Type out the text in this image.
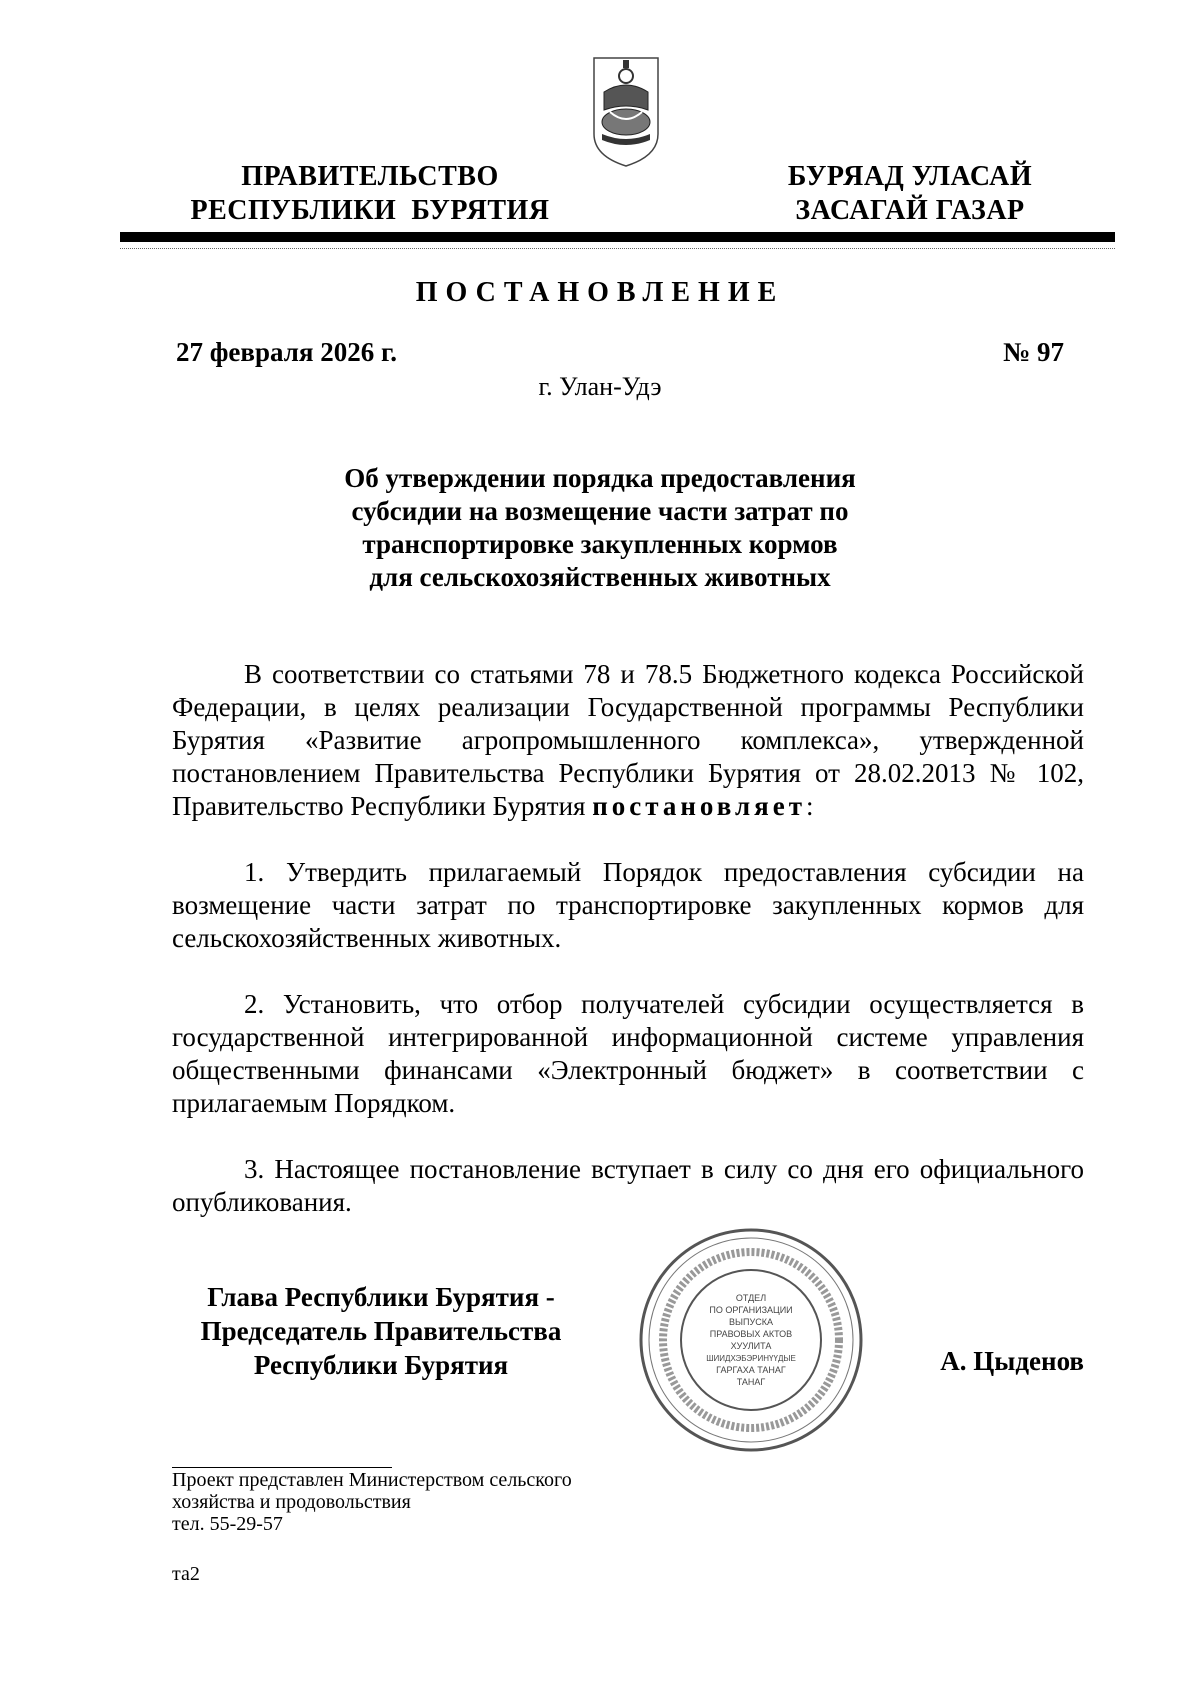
ПРАВИТЕЛЬСТВО
РЕСПУБЛИКИ  БУРЯТИЯ
БУРЯАД УЛАСАЙ
ЗАСАГАЙ ГАЗАР
ПОСТАНОВЛЕНИЕ
27 февраля 2026 г.	№ 97
г. Улан-Удэ
Об утверждении порядка предоставления
субсидии на возмещение части затрат по
транспортировке закупленных кормов
для сельскохозяйственных животных

В соответствии со статьями 78 и 78.5 Бюджетного кодекса Российской Федерации, в целях реализации Государственной программы Республики Бурятия «Развитие агропромышленного комплекса», утвержденной постановлением Правительства Республики Бурятия от 28.02.2013 № 102, Правительство Республики Бурятия постановляет:

1. Утвердить прилагаемый Порядок предоставления субсидии на возмещение части затрат по транспортировке закупленных кормов для сельскохозяйственных животных.

2. Установить, что отбор получателей субсидии осуществляется в государственной интегрированной информационной системе управления общественными финансами «Электронный бюджет» в соответствии с прилагаемым Порядком.

3. Настоящее постановление вступает в силу со дня его официального опубликования.

Глава Республики Бурятия -
Председатель Правительства
Республики Бурятия
ОТДЕЛ
ПО ОРГАНИЗАЦИИ
ВЫПУСКА
ПРАВОВЫХ АКТОВ
ХУУЛИТА
ШИИДХЭБЭРИНҮҮДЫЕ
ГАРГАХА ТАНАГ
ТАНАГ
А. Цыденов
Проект представлен Министерством сельского
хозяйства и продовольствия
тел. 55-29-57
та2
